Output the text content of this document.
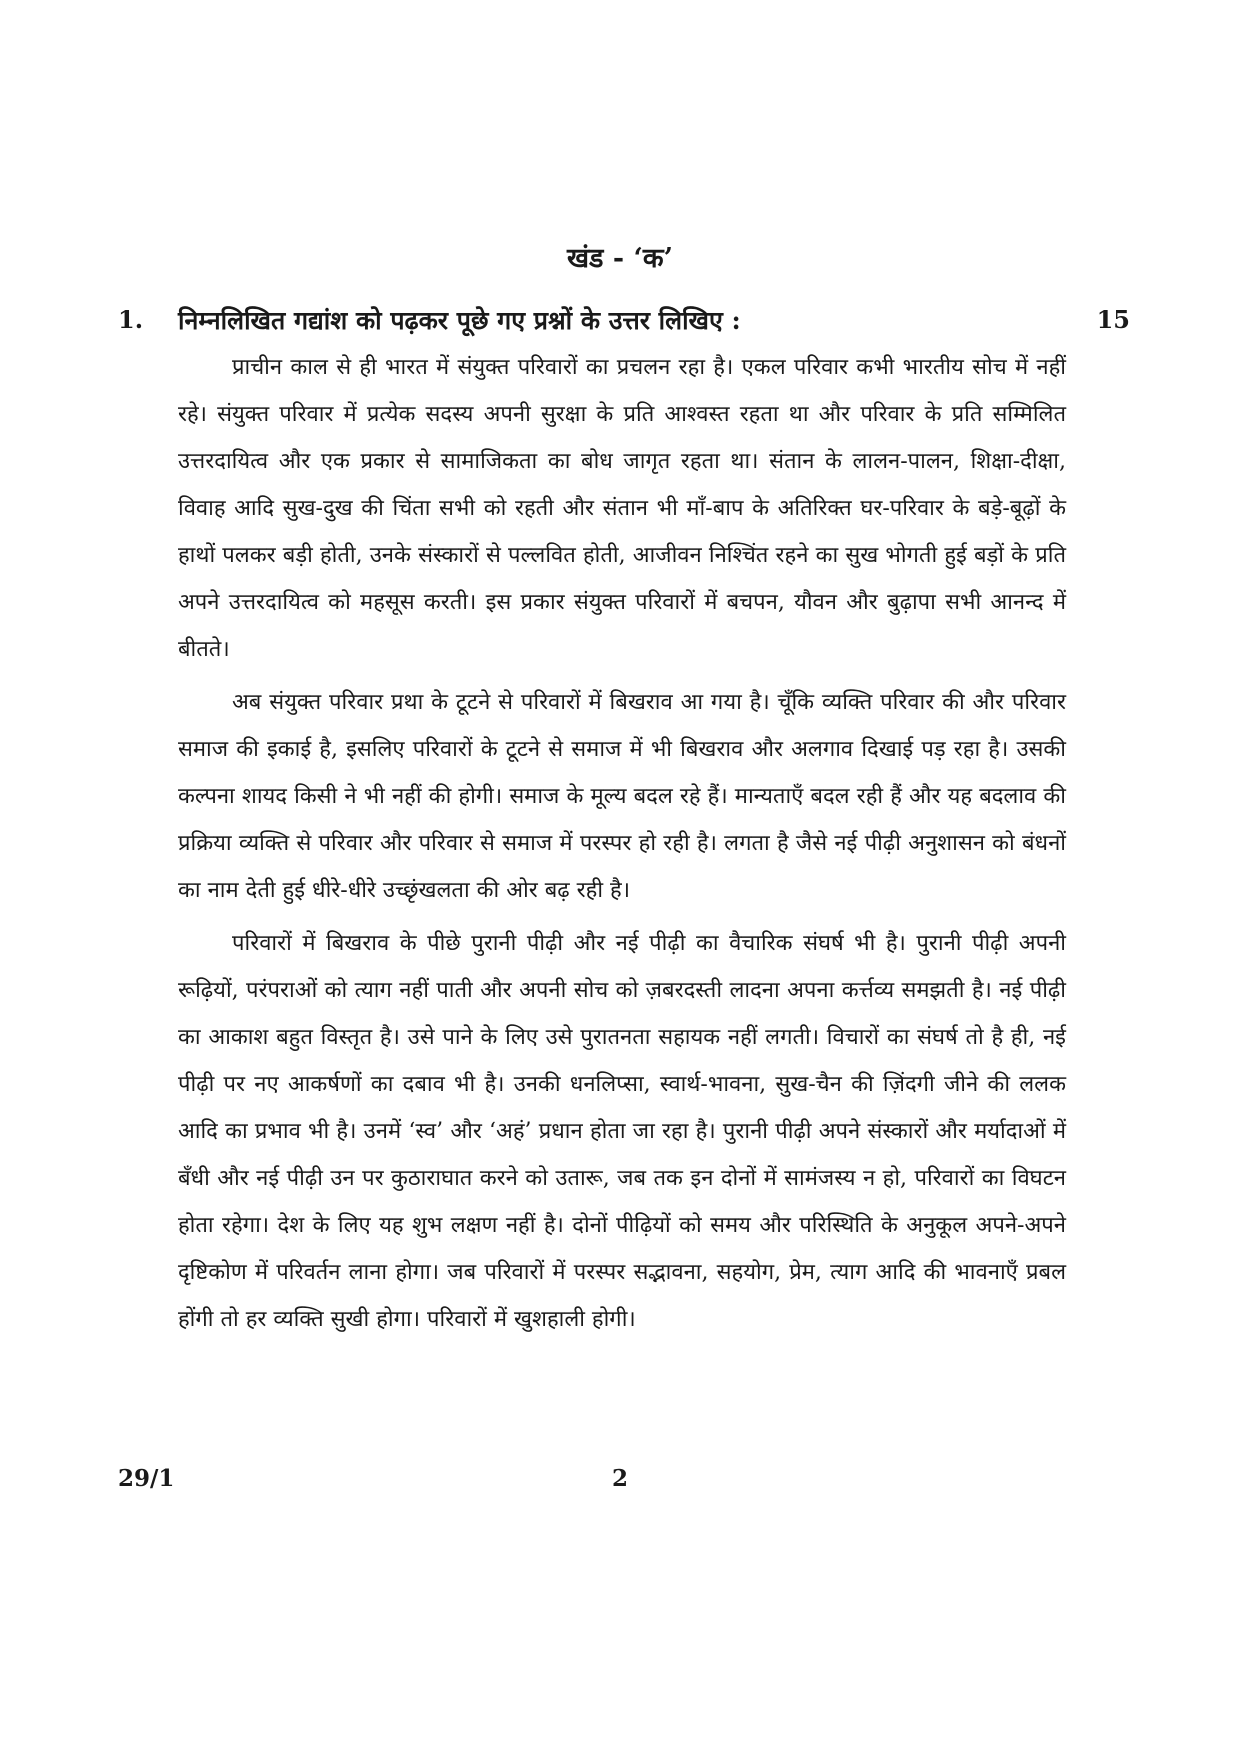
खंड - ‘क’
1. निम्नलिखित गद्यांश को पढ़कर पूछे गए प्रश्नों के उत्तर लिखिए :	15

प्राचीन काल से ही भारत में संयुक्त परिवारों का प्रचलन रहा है। एकल परिवार कभी भारतीय सोच में नहीं रहे। संयुक्त परिवार में प्रत्येक सदस्य अपनी सुरक्षा के प्रति आश्वस्त रहता था और परिवार के प्रति सम्मिलित उत्तरदायित्व और एक प्रकार से सामाजिकता का बोध जागृत रहता था। संतान के लालन-पालन, शिक्षा-दीक्षा, विवाह आदि सुख-दुख की चिंता सभी को रहती और संतान भी माँ-बाप के अतिरिक्त घर-परिवार के बड़े-बूढ़ों के हाथों पलकर बड़ी होती, उनके संस्कारों से पल्लवित होती, आजीवन निश्चिंत रहने का सुख भोगती हुई बड़ों के प्रति अपने उत्तरदायित्व को महसूस करती। इस प्रकार संयुक्त परिवारों में बचपन, यौवन और बुढ़ापा सभी आनन्द में बीतते।

अब संयुक्त परिवार प्रथा के टूटने से परिवारों में बिखराव आ गया है। चूँकि व्यक्ति परिवार की और परिवार समाज की इकाई है, इसलिए परिवारों के टूटने से समाज में भी बिखराव और अलगाव दिखाई पड़ रहा है। उसकी कल्पना शायद किसी ने भी नहीं की होगी। समाज के मूल्य बदल रहे हैं। मान्यताएँ बदल रही हैं और यह बदलाव की प्रक्रिया व्यक्ति से परिवार और परिवार से समाज में परस्पर हो रही है। लगता है जैसे नई पीढ़ी अनुशासन को बंधनों का नाम देती हुई धीरे-धीरे उच्छृंखलता की ओर बढ़ रही है।

परिवारों में बिखराव के पीछे पुरानी पीढ़ी और नई पीढ़ी का वैचारिक संघर्ष भी है। पुरानी पीढ़ी अपनी रूढ़ियों, परंपराओं को त्याग नहीं पाती और अपनी सोच को ज़बरदस्ती लादना अपना कर्त्तव्य समझती है। नई पीढ़ी का आकाश बहुत विस्तृत है। उसे पाने के लिए उसे पुरातनता सहायक नहीं लगती। विचारों का संघर्ष तो है ही, नई पीढ़ी पर नए आकर्षणों का दबाव भी है। उनकी धनलिप्सा, स्वार्थ-भावना, सुख-चैन की ज़िंदगी जीने की ललक आदि का प्रभाव भी है। उनमें ‘स्व’ और ‘अहं’ प्रधान होता जा रहा है। पुरानी पीढ़ी अपने संस्कारों और मर्यादाओं में बँधी और नई पीढ़ी उन पर कुठाराघात करने को उतारू, जब तक इन दोनों में सामंजस्य न हो, परिवारों का विघटन होता रहेगा। देश के लिए यह शुभ लक्षण नहीं है। दोनों पीढ़ियों को समय और परिस्थिति के अनुकूल अपने-अपने दृष्टिकोण में परिवर्तन लाना होगा। जब परिवारों में परस्पर सद्भावना, सहयोग, प्रेम, त्याग आदि की भावनाएँ प्रबल होंगी तो हर व्यक्ति सुखी होगा। परिवारों में खुशहाली होगी।

29/1	2
